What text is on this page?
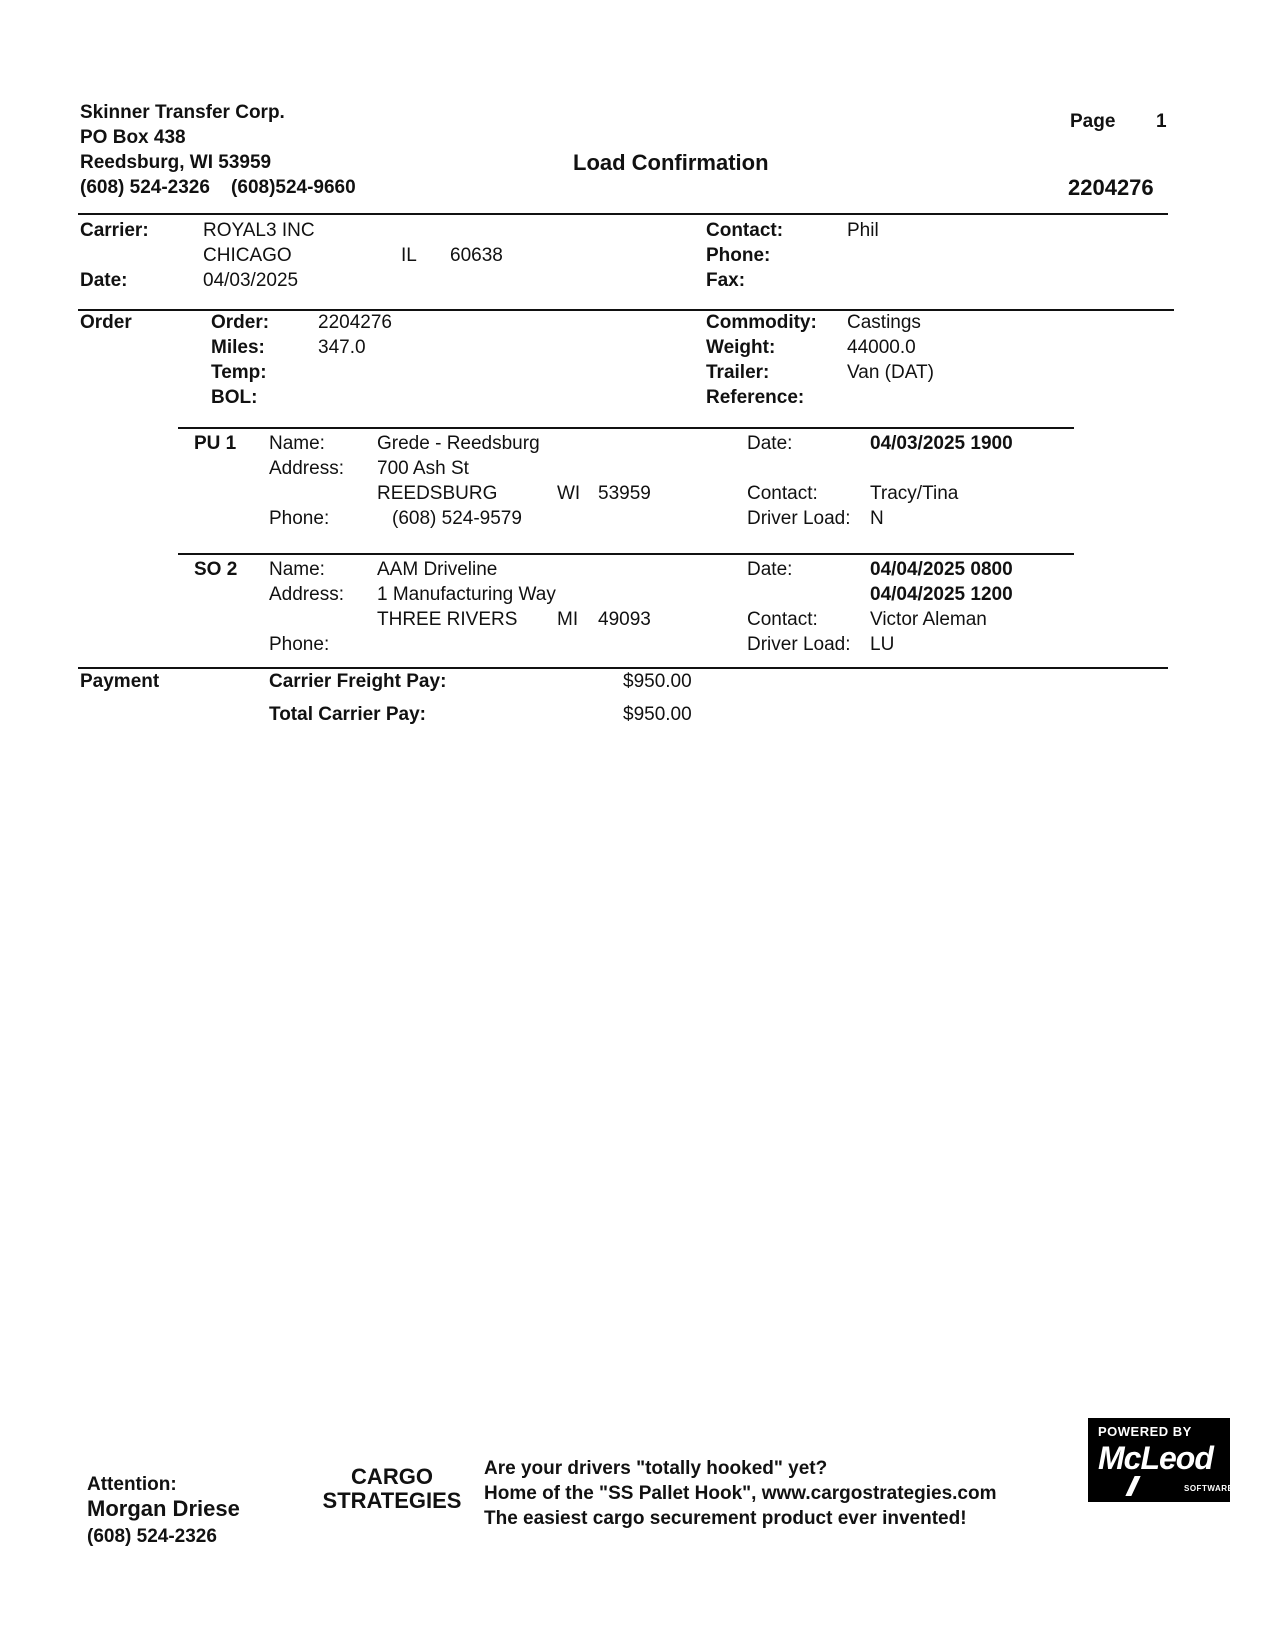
Skinner Transfer Corp.
PO Box 438
Reedsburg, WI 53959
(608) 524-2326    (608)524-9660
Load Confirmation
Page 1
2204276
Carrier:	ROYAL3 INC
CHICAGO	IL 60638
Date:	04/03/2025
Contact:	Phil
Phone:
Fax:
Order	Order:	2204276
Miles:	347.0
Temp:
BOL:
Commodity: Castings
Weight:	44000.0
Trailer:	Van (DAT)
Reference:
PU 1 Name:	Grede - Reedsburg
Address: 700 Ash St
REEDSBURG	WI 53959
Phone:	(608) 524-9579
Date:	04/03/2025 1900
Contact:	Tracy/Tina
Driver Load: N
SO 2 Name:	AAM Driveline
Address: 1 Manufacturing Way
THREE RIVERS MI 49093
Phone:
Date:	04/04/2025 0800
04/04/2025 1200
Contact:	Victor Aleman
Driver Load: LU
Payment	Carrier Freight Pay:	$950.00
Total Carrier Pay:	$950.00
Attention:
Morgan Driese
(608) 524-2326
CARGO
STRATEGIES
Are your drivers "totally hooked" yet?
Home of the "SS Pallet Hook", www.cargostrategies.com
The easiest cargo securement product ever invented!
POWERED BY
McLeod
SOFTWARE
